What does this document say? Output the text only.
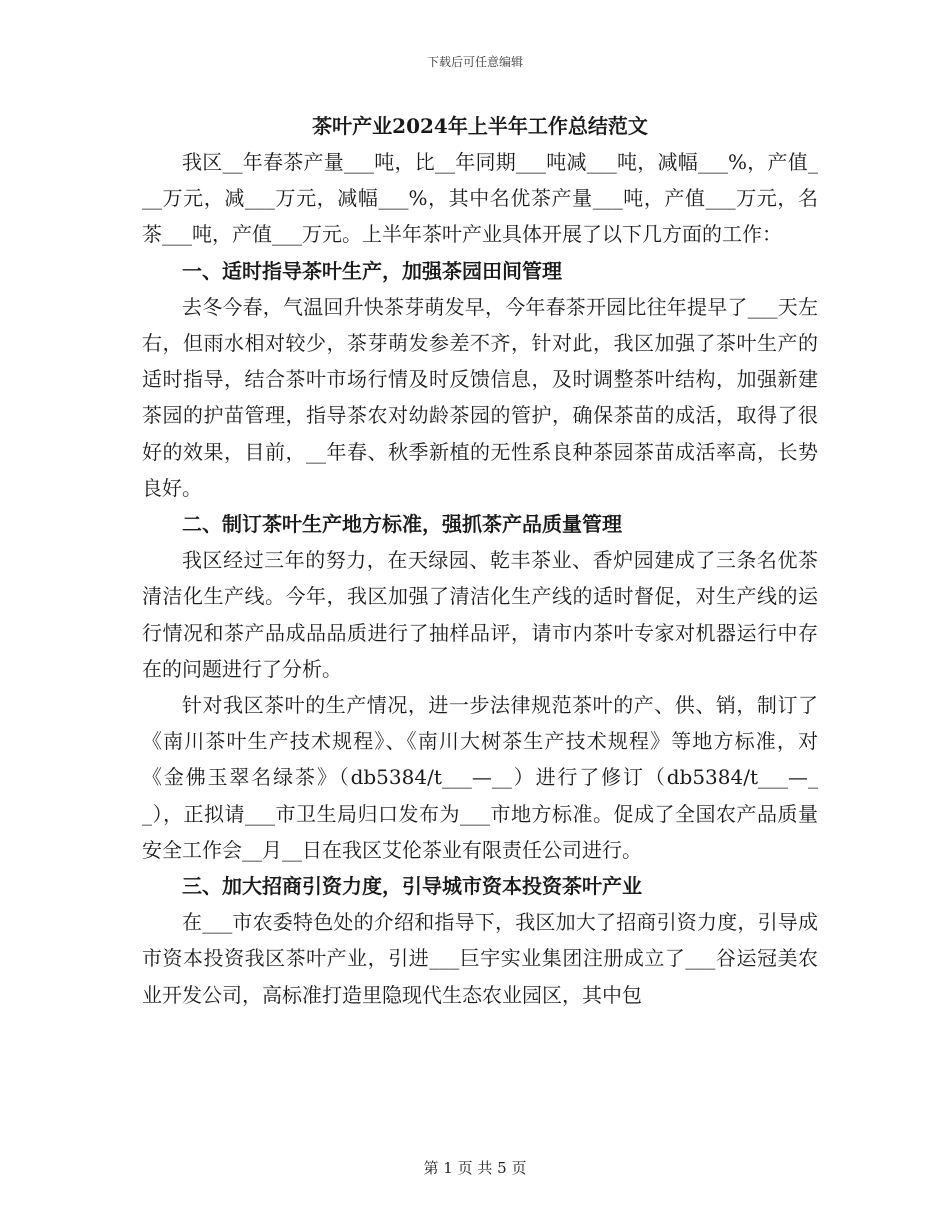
下载后可任意编辑
茶叶产业2024年上半年工作总结范文

我区__年春茶产量___吨，比__年同期___吨减___吨，减幅___%，产值___万元，减___万元，减幅___%，其中名优茶产量___吨，产值___万元，名茶___吨，产值___万元。上半年茶叶产业具体开展了以下几方面的工作：

一、适时指导茶叶生产，加强茶园田间管理

去冬今春，气温回升快茶芽萌发早，今年春茶开园比往年提早了___天左右，但雨水相对较少，茶芽萌发参差不齐，针对此，我区加强了茶叶生产的适时指导，结合茶叶市场行情及时反馈信息，及时调整茶叶结构，加强新建茶园的护苗管理，指导茶农对幼龄茶园的管护，确保茶苗的成活，取得了很好的效果，目前，__年春、秋季新植的无性系良种茶园茶苗成活率高，长势良好。

二、制订茶叶生产地方标准，强抓茶产品质量管理

我区经过三年的努力，在天绿园、乾丰茶业、香炉园建成了三条名优茶清洁化生产线。今年，我区加强了清洁化生产线的适时督促，对生产线的运行情况和茶产品成品品质进行了抽样品评，请市内茶叶专家对机器运行中存在的问题进行了分析。

针对我区茶叶的生产情况，进一步法律规范茶叶的产、供、销，制订了《南川茶叶生产技术规程》、《南川大树茶生产技术规程》等地方标准，对《金佛玉翠名绿茶》（db5384/t___—__）进行了修订（db5384/t___—__），正拟请___市卫生局归口发布为___市地方标准。促成了全国农产品质量安全工作会__月__日在我区艾伦茶业有限责任公司进行。

三、加大招商引资力度，引导城市资本投资茶叶产业

在___市农委特色处的介绍和指导下，我区加大了招商引资力度，引导成市资本投资我区茶叶产业，引进___巨宇实业集团注册成立了___谷运冠美农业开发公司，高标准打造里隐现代生态农业园区，其中包

第 1 页 共 5 页
